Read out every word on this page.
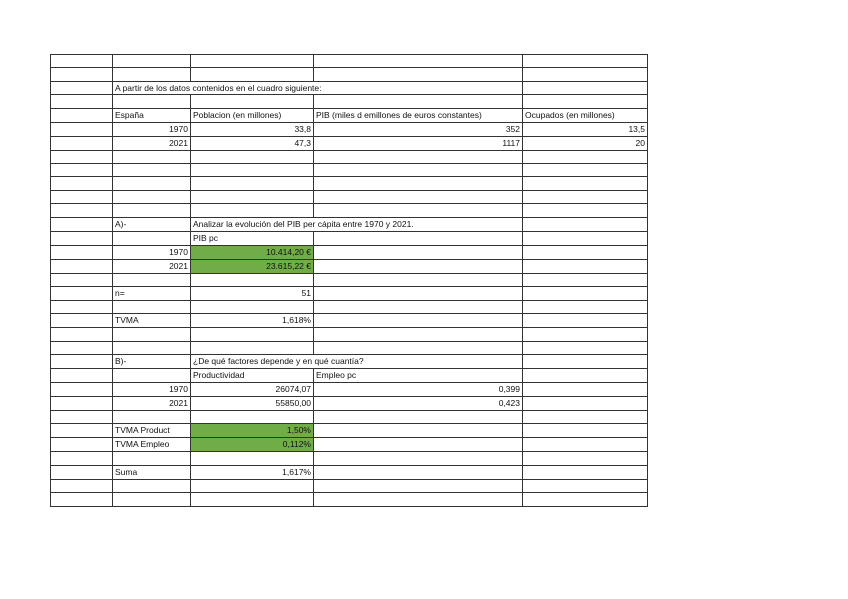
	A partir de los datos contenidos en el cuadro siguiente:			

	España	Poblacion (en millones)	PIB (miles d emillones de euros constantes)	Ocupados (en millones)
	1970	33,8	352	13,5
	2021	47,3	1117	20

	A)-	Analizar la evolución del PIB per cápita entre 1970 y 2021.		

		PIB pc		
	1970	10.414,20 €		
	2021	23.615,22 €		

	n=	51		

	TVMA	1,618%		

	B)-	¿De qué factores depende y en qué cuantía?		

		Productividad	Empleo pc	
	1970	26074,07	0,399	
	2021	55850,00	0,423	

	TVMA Product	1,50%		
	TVMA Empleo	0,112%		

	Suma	1,617%		
